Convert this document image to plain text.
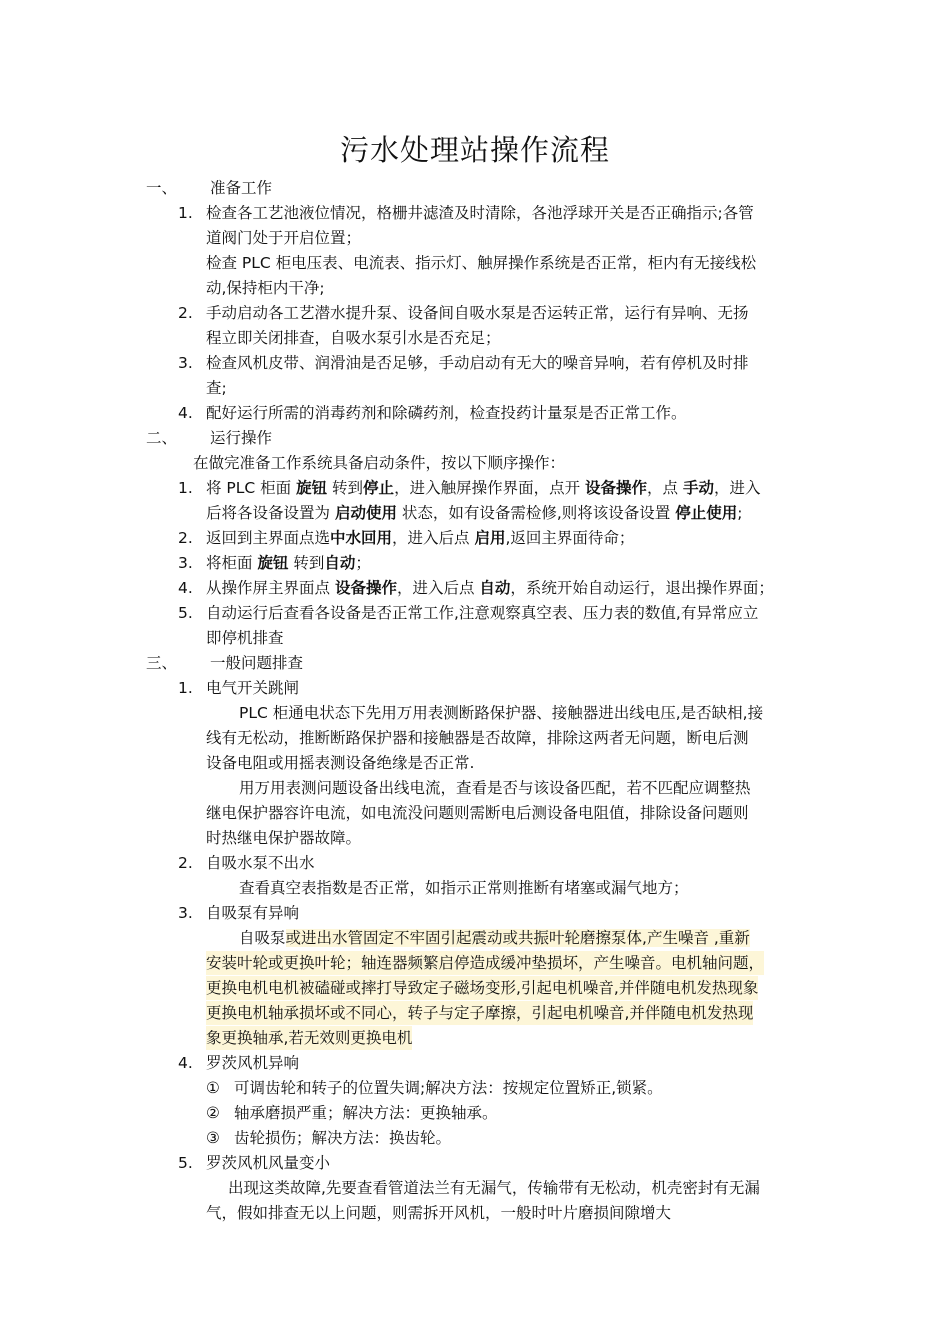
污水处理站操作流程
一、 准备工作
1. 检查各工艺池液位情况，格栅井滤渣及时清除，各池浮球开关是否正确指示;各管
道阀门处于开启位置；
检查 PLC 柜电压表、电流表、指示灯、触屏操作系统是否正常，柜内有无接线松
动,保持柜内干净;
2. 手动启动各工艺潜水提升泵、设备间自吸水泵是否运转正常，运行有异响、无扬
程立即关闭排查，自吸水泵引水是否充足；
3. 检查风机皮带、润滑油是否足够，手动启动有无大的噪音异响，若有停机及时排
查;
4. 配好运行所需的消毒药剂和除磷药剂，检查投药计量泵是否正常工作。
二、 运行操作
在做完准备工作系统具备启动条件，按以下顺序操作：
1. 将 PLC 柜面 旋钮 转到停止，进入触屏操作界面，点开 设备操作，点 手动，进入
后将各设备设置为 启动使用 状态，如有设备需检修,则将该设备设置 停止使用;
2. 返回到主界面点选中水回用，进入后点 启用,返回主界面待命；
3. 将柜面 旋钮 转到自动；
4. 从操作屏主界面点 设备操作，进入后点 自动，系统开始自动运行，退出操作界面；
5. 自动运行后查看各设备是否正常工作,注意观察真空表、压力表的数值,有异常应立
即停机排查
三、 一般问题排查
1. 电气开关跳闸
PLC 柜通电状态下先用万用表测断路保护器、接触器进出线电压,是否缺相,接
线有无松动，推断断路保护器和接触器是否故障，排除这两者无问题，断电后测
设备电阻或用摇表测设备绝缘是否正常.
用万用表测问题设备出线电流，查看是否与该设备匹配，若不匹配应调整热
继电保护器容许电流，如电流没问题则需断电后测设备电阻值，排除设备问题则
时热继电保护器故障。
2. 自吸水泵不出水
查看真空表指数是否正常，如指示正常则推断有堵塞或漏气地方；
3. 自吸泵有异响
自吸泵或进出水管固定不牢固引起震动或共振叶轮磨擦泵体,产生噪音 ,重新
安装叶轮或更换叶轮；轴连器频繁启停造成缓冲垫损坏，产生噪音。电机轴问题，
更换电机电机被磕碰或摔打导致定子磁场变形,引起电机噪音,并伴随电机发热现象
更换电机轴承损坏或不同心，转子与定子摩擦，引起电机噪音,并伴随电机发热现
象更换轴承,若无效则更换电机
4. 罗茨风机异响
① 可调齿轮和转子的位置失调;解决方法：按规定位置矫正,锁紧。
② 轴承磨损严重；解决方法：更换轴承。
③ 齿轮损伤；解决方法：换齿轮。
5. 罗茨风机风量变小
出现这类故障,先要查看管道法兰有无漏气，传输带有无松动，机壳密封有无漏
气，假如排查无以上问题，则需拆开风机，一般时叶片磨损间隙增大
